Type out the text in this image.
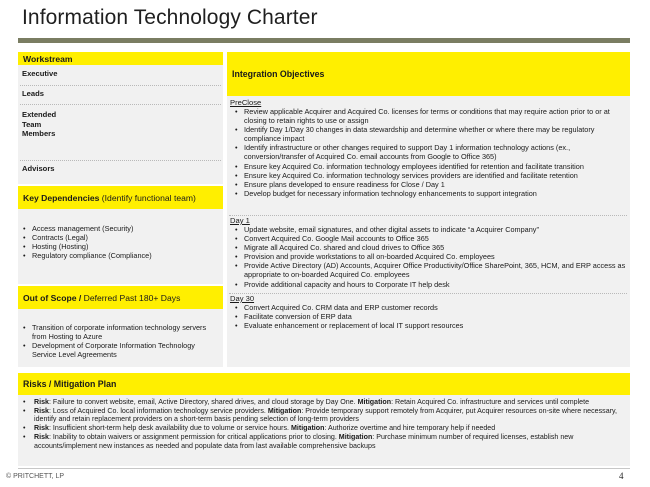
Information Technology Charter
Workstream
Executive
Leads
Extended Team Members
Advisors
Key Dependencies (Identify functional team)
• Access management (Security)
• Contracts (Legal)
• Hosting (Hosting)
• Regulatory compliance (Compliance)
Out of Scope / Deferred Past 180+ Days
• Transition of corporate information technology servers from Hosting to Azure
• Development of Corporate Information Technology Service Level Agreements
Integration Objectives
PreClose
• Review applicable Acquirer and Acquired Co. licenses for terms or conditions that may require action prior to or at closing to retain rights to use or assign
• Identify Day 1/Day 30 changes in data stewardship and determine whether or where there may be regulatory compliance impact
• Identify infrastructure or other changes required to support Day 1 information technology actions (ex., conversion/transfer of Acquired Co. email accounts from Google to Office 365)
• Ensure key Acquired Co. information technology employees identified for retention and facilitate transition
• Ensure key Acquired Co. information technology services providers are identified and facilitate retention
• Ensure plans developed to ensure readiness for Close / Day 1
• Develop budget for necessary information technology enhancements to support integration
Day 1
• Update website, email signatures, and other digital assets to indicate “a Acquirer Company”
• Convert Acquired Co. Google Mail accounts to Office 365
• Migrate all Acquired Co. shared and cloud drives to Office 365
• Provision and provide workstations to all on-boarded Acquired Co. employees
• Provide Active Directory (AD) Accounts, Acquirer Office Productivity/Office SharePoint, 365, HCM, and ERP access as appropriate to on-boarded Acquired Co. employees
• Provide additional capacity and hours to Corporate IT help desk
Day 30
• Convert Acquired Co. CRM data and ERP customer records
• Facilitate conversion of ERP data
• Evaluate enhancement or replacement of local IT support resources
Risks / Mitigation Plan
• Risk: Failure to convert website, email, Active Directory, shared drives, and cloud storage by Day One. Mitigation: Retain Acquired Co. infrastructure and services until complete
• Risk: Loss of Acquired Co. local information technology service providers. Mitigation: Provide temporary support remotely from Acquirer, put Acquirer resources on-site where necessary, identify and retain replacement providers on a short-term basis pending selection of long-term providers
• Risk: Insufficient short-term help desk availability due to volume or service hours. Mitigation: Authorize overtime and hire temporary help if needed
• Risk: Inability to obtain waivers or assignment permission for critical applications prior to closing. Mitigation: Purchase minimum number of required licenses, establish new accounts/implement new instances as needed and populate data from last available comprehensive backups
© PRITCHETT, LP	4
